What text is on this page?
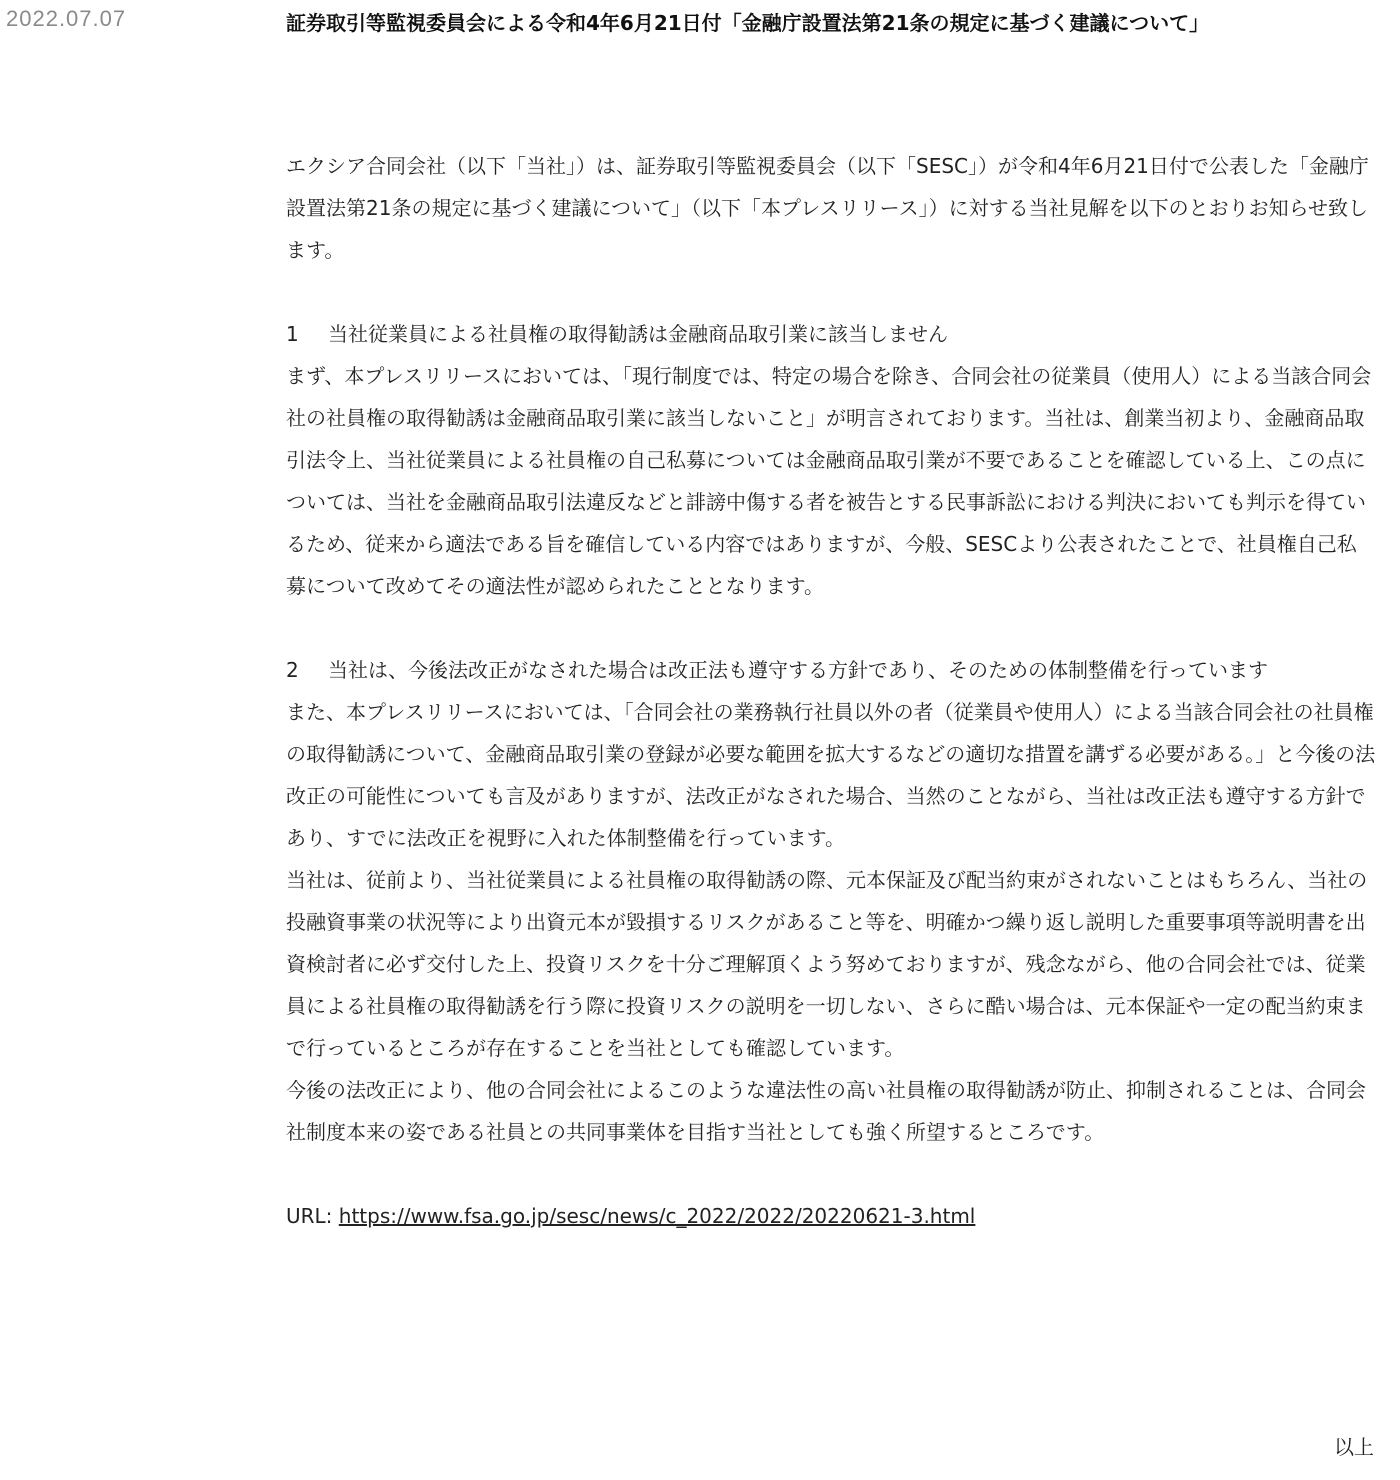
2022.07.07	証券取引等監視委員会による令和4年6月21日付「金融庁設置法第21条の規定に基づく建議について」

エクシア合同会社（以下「当社」）は、証券取引等監視委員会（以下「SESC」）が令和4年6月21日付で公表した「金融庁設置法第21条の規定に基づく建議について」（以下「本プレスリリース」）に対する当社見解を以下のとおりお知らせ致します。

1 当社従業員による社員権の取得勧誘は金融商品取引業に該当しません

まず、本プレスリリースにおいては、「現行制度では、特定の場合を除き、合同会社の従業員（使用人）による当該合同会社の社員権の取得勧誘は金融商品取引業に該当しないこと」が明言されております。当社は、創業当初より、金融商品取引法令上、当社従業員による社員権の自己私募については金融商品取引業が不要であることを確認している上、この点については、当社を金融商品取引法違反などと誹謗中傷する者を被告とする民事訴訟における判決においても判示を得ているため、従来から適法である旨を確信している内容ではありますが、今般、SESCより公表されたことで、社員権自己私募について改めてその適法性が認められたこととなります。

2 当社は、今後法改正がなされた場合は改正法も遵守する方針であり、そのための体制整備を行っています

また、本プレスリリースにおいては、「合同会社の業務執行社員以外の者（従業員や使用人）による当該合同会社の社員権の取得勧誘について、金融商品取引業の登録が必要な範囲を拡大するなどの適切な措置を講ずる必要がある。」と今後の法改正の可能性についても言及がありますが、法改正がなされた場合、当然のことながら、当社は改正法も遵守する方針であり、すでに法改正を視野に入れた体制整備を行っています。

当社は、従前より、当社従業員による社員権の取得勧誘の際、元本保証及び配当約束がされないことはもちろん、当社の投融資事業の状況等により出資元本が毀損するリスクがあること等を、明確かつ繰り返し説明した重要事項等説明書を出資検討者に必ず交付した上、投資リスクを十分ご理解頂くよう努めておりますが、残念ながら、他の合同会社では、従業員による社員権の取得勧誘を行う際に投資リスクの説明を一切しない、さらに酷い場合は、元本保証や一定の配当約束まで行っているところが存在することを当社としても確認しています。

今後の法改正により、他の合同会社によるこのような違法性の高い社員権の取得勧誘が防止、抑制されることは、合同会社制度本来の姿である社員との共同事業体を目指す当社としても強く所望するところです。

URL: https://www.fsa.go.jp/sesc/news/c_2022/2022/20220621-3.html

以上
